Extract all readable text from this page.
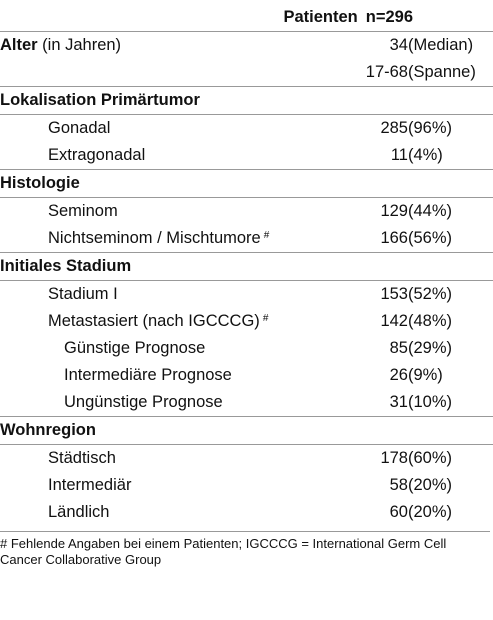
Patienten	n=296	
Alter (in Jahren)	34	(Median)
	17-68	(Spanne)
Lokalisation Primärtumor		
Gonadal	285	(96%)
Extragonadal	11	(4%)
Histologie		
Seminom	129	(44%)
Nichtseminom / Mischtumore #	166	(56%)
Initiales Stadium		
Stadium I	153	(52%)
Metastasiert (nach IGCCCG) #	142	(48%)
Günstige Prognose	85	(29%)
Intermediäre Prognose	26	(9%)
Ungünstige Prognose	31	(10%)
Wohnregion		
Städtisch	178	(60%)
Intermediär	58	(20%)
Ländlich	60	(20%)
# Fehlende Angaben bei einem Patienten; IGCCCG = International Germ Cell Cancer Collaborative Group
